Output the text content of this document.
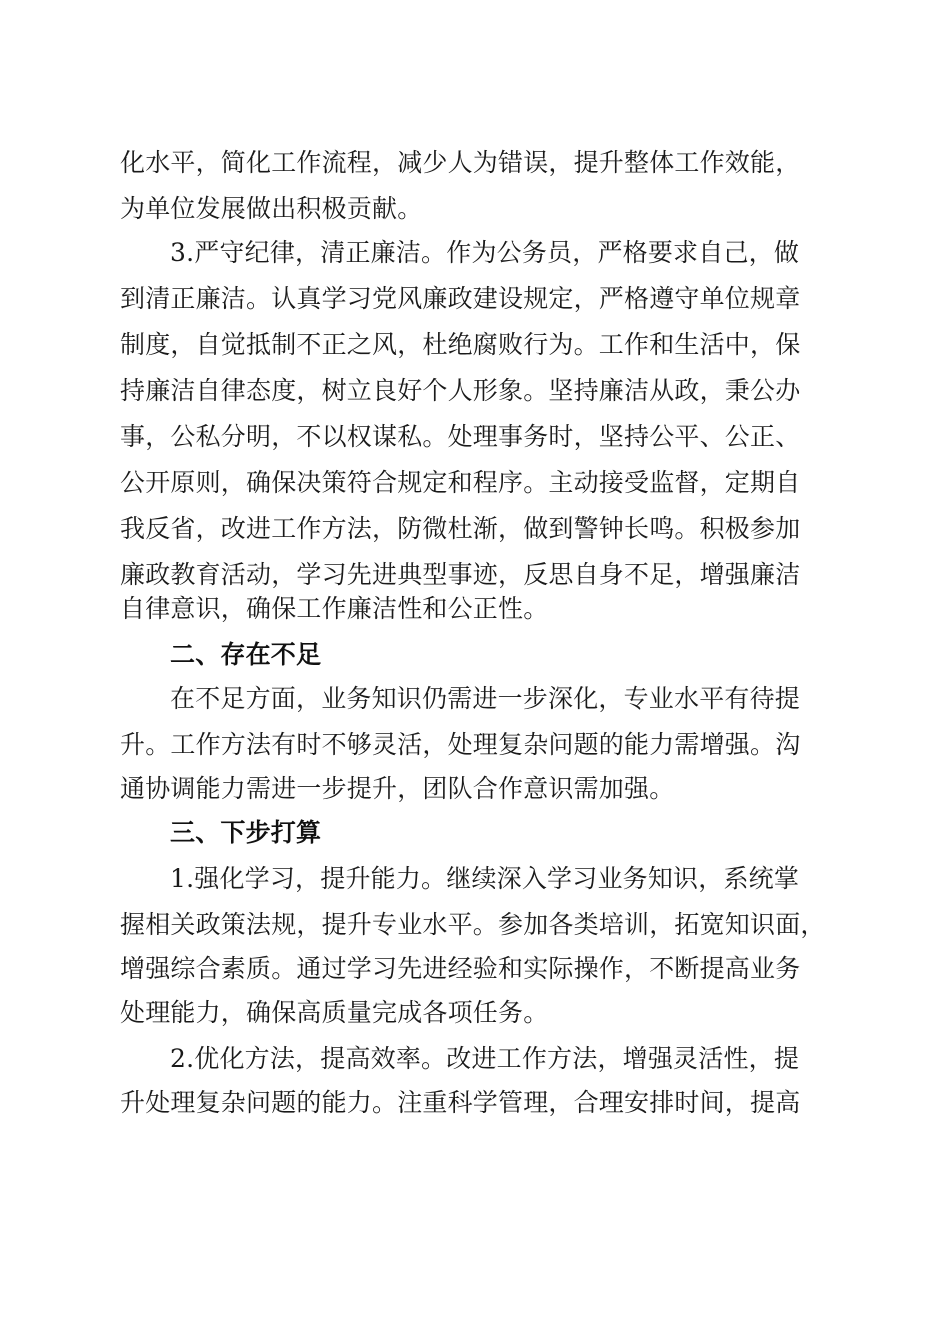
化水平，简化工作流程，减少人为错误，提升整体工作效能，
为单位发展做出积极贡献。
3.严守纪律，清正廉洁。作为公务员，严格要求自己，做
到清正廉洁。认真学习党风廉政建设规定，严格遵守单位规章
制度，自觉抵制不正之风，杜绝腐败行为。工作和生活中，保
持廉洁自律态度，树立良好个人形象。坚持廉洁从政，秉公办
事，公私分明，不以权谋私。处理事务时，坚持公平、公正、
公开原则，确保决策符合规定和程序。主动接受监督，定期自
我反省，改进工作方法，防微杜渐，做到警钟长鸣。积极参加
廉政教育活动，学习先进典型事迹，反思自身不足，增强廉洁
自律意识，确保工作廉洁性和公正性。
二、存在不足
在不足方面，业务知识仍需进一步深化，专业水平有待提
升。工作方法有时不够灵活，处理复杂问题的能力需增强。沟
通协调能力需进一步提升，团队合作意识需加强。
三、下步打算
1.强化学习，提升能力。继续深入学习业务知识，系统掌
握相关政策法规，提升专业水平。参加各类培训，拓宽知识面，
增强综合素质。通过学习先进经验和实际操作，不断提高业务
处理能力，确保高质量完成各项任务。
2.优化方法，提高效率。改进工作方法，增强灵活性，提
升处理复杂问题的能力。注重科学管理，合理安排时间，提高
